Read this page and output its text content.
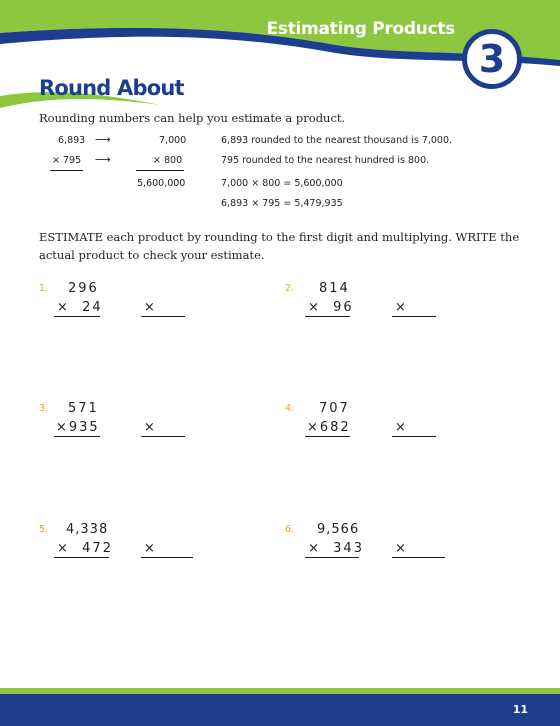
Estimating Products
3
Round About
Rounding numbers can help you estimate a product.
6,893 ⟶	7,000
× 795 ⟶	× 800
5,600,000
6,893 rounded to the nearest thousand is 7,000.
795 rounded to the nearest hundred is 800.
7,000 × 800 = 5,600,000
6,893 × 795 = 5,479,935
ESTIMATE each product by rounding to the first digit and multiplying. WRITE the actual product to check your estimate.
1. 296
×  24	×
2. 814
×  96	×
3. 571
×935	×
4. 707
×682	×
5. 4,338
×  472 ×
6. 9,566
×  343 ×
11
